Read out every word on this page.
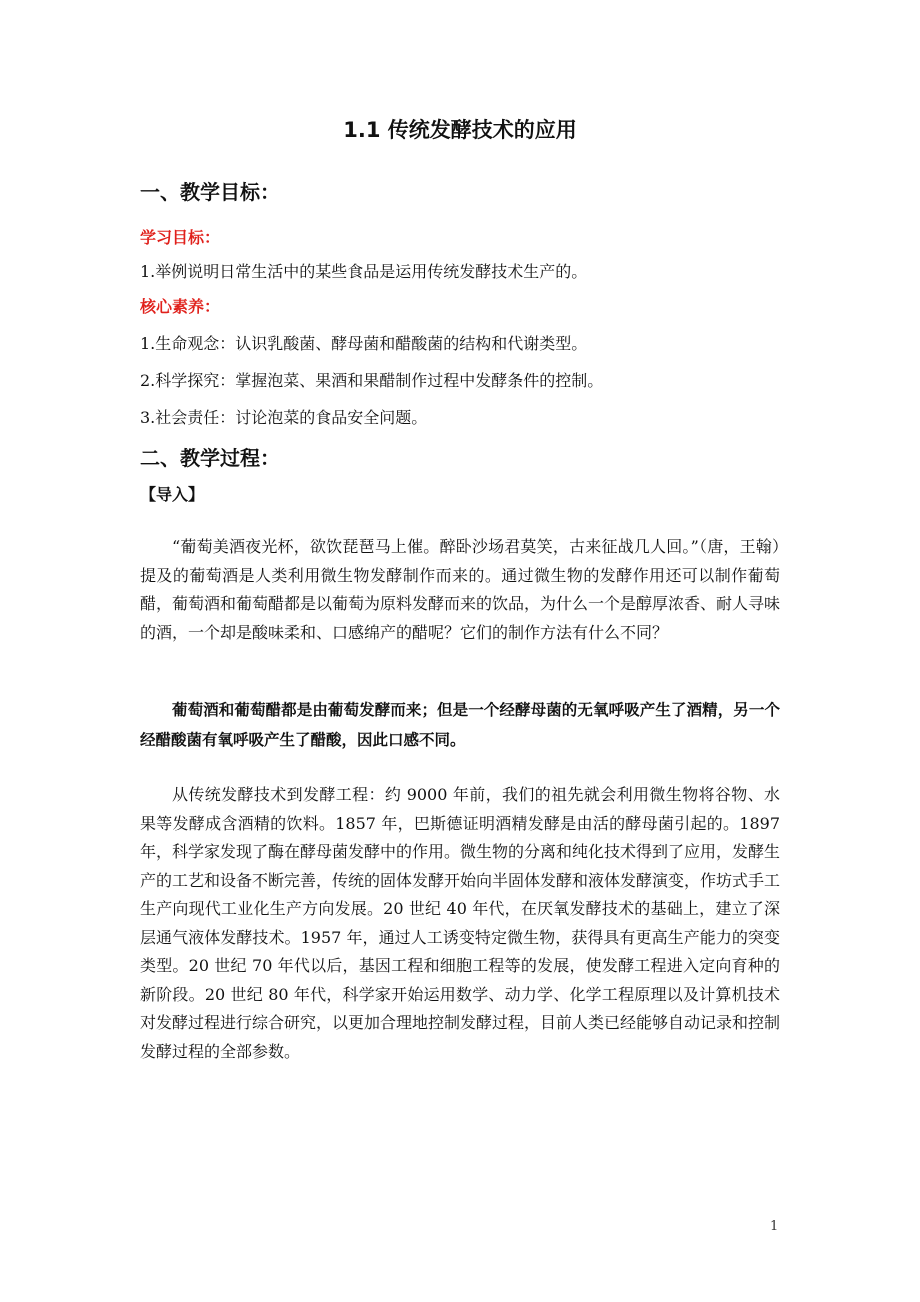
1.1 传统发酵技术的应用
一、教学目标：
学习目标：
1.举例说明日常生活中的某些食品是运用传统发酵技术生产的。
核心素养：
1.生命观念：认识乳酸菌、酵母菌和醋酸菌的结构和代谢类型。
2.科学探究：掌握泡菜、果酒和果醋制作过程中发酵条件的控制。
3.社会责任：讨论泡菜的食品安全问题。
二、教学过程：
【导入】

“葡萄美酒夜光杯，欲饮琵琶马上催。醉卧沙场君莫笑，古来征战几人回。”（唐，王翰）提及的葡萄酒是人类利用微生物发酵制作而来的。通过微生物的发酵作用还可以制作葡萄醋，葡萄酒和葡萄醋都是以葡萄为原料发酵而来的饮品，为什么一个是醇厚浓香、耐人寻味的酒，一个却是酸味柔和、口感绵产的醋呢？它们的制作方法有什么不同？

葡萄酒和葡萄醋都是由葡萄发酵而来；但是一个经酵母菌的无氧呼吸产生了酒精，另一个经醋酸菌有氧呼吸产生了醋酸，因此口感不同。

从传统发酵技术到发酵工程：约 9000 年前，我们的祖先就会利用微生物将谷物、水果等发酵成含酒精的饮料。1857 年，巴斯德证明酒精发酵是由活的酵母菌引起的。1897 年，科学家发现了酶在酵母菌发酵中的作用。微生物的分离和纯化技术得到了应用，发酵生产的工艺和设备不断完善，传统的固体发酵开始向半固体发酵和液体发酵演变，作坊式手工生产向现代工业化生产方向发展。20 世纪 40 年代，在厌氧发酵技术的基础上，建立了深层通气液体发酵技术。1957 年，通过人工诱变特定微生物，获得具有更高生产能力的突变类型。20 世纪 70 年代以后，基因工程和细胞工程等的发展，使发酵工程进入定向育种的新阶段。20 世纪 80 年代，科学家开始运用数学、动力学、化学工程原理以及计算机技术对发酵过程进行综合研究，以更加合理地控制发酵过程，目前人类已经能够自动记录和控制发酵过程的全部参数。

1
